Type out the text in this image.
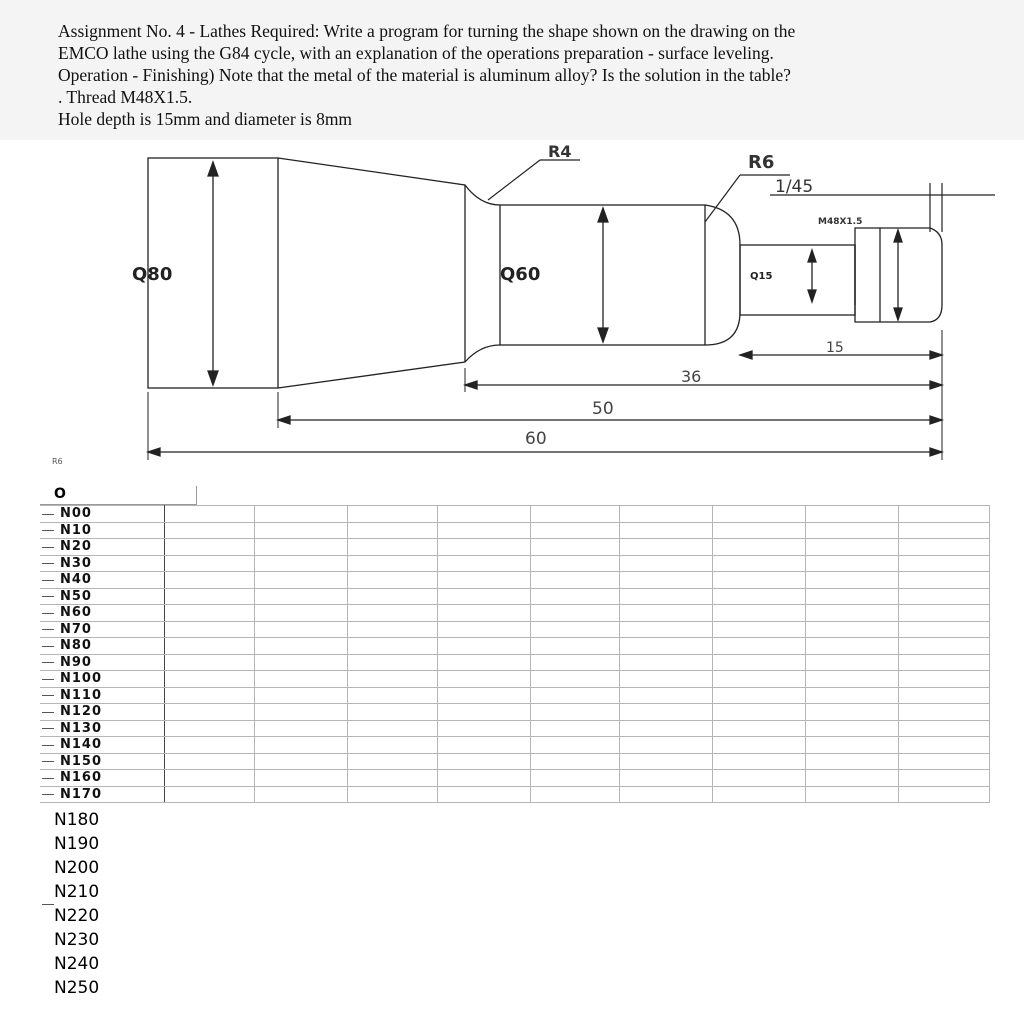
Assignment No. 4 - Lathes Required: Write a program for turning the shape shown on the drawing on the
EMCO lathe using the G84 cycle, with an explanation of the operations preparation - surface leveling.
Operation - Finishing) Note that the metal of the material is aluminum alloy? Is the solution in the table?
. Thread M48X1.5.
Hole depth is 15mm and diameter is 8mm
R4
R6
1/45
M48X1.5
Q80	Q60	Q15
15
36
50
60
R6
O
N00									

N10									

N20									

N30									

N40									

N50									

N60									

N70									

N80									

N90									

N100									

N110									

N120									

N130									

N140									

N150									

N160									

N170									
N180									

N190									

N200									

N210									

N220									

N230									

N240									

N250									
